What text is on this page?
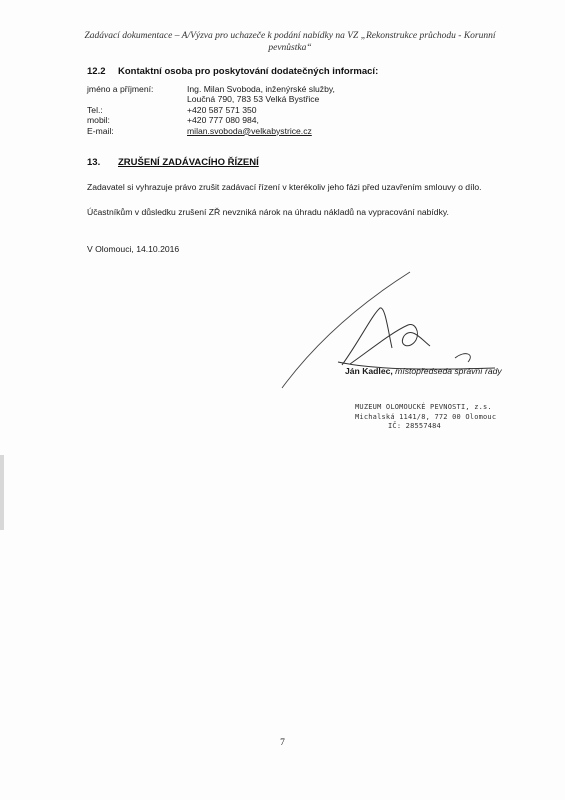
Zadávací dokumentace – A/Výzva pro uchazeče k podání nabídky na VZ „Rekonstrukce průchodu - Korunní
pevnůstka“
12.2 Kontaktní osoba pro poskytování dodatečných informací:
jméno a příjmení:	Ing. Milan Svoboda, inženýrské služby,
Loučná 790, 783 53 Velká Bystřice
Tel.:	+420 587 571 350
mobil:	+420 777 080 984,
E-mail:	milan.svoboda@velkabystrice.cz
13. ZRUŠENÍ ZADÁVACÍHO ŘÍZENÍ
Zadavatel si vyhrazuje právo zrušit zadávací řízení v kterékoliv jeho fázi před uzavřením smlouvy o dílo.
Účastníkům v důsledku zrušení ZŘ nevzniká nárok na úhradu nákladů na vypracování nabídky.
V Olomouci, 14.10.2016
Ján Kadlec, místopředseda správní rady
MUZEUM OLOMOUCKÉ PEVNOSTI, z.s.
Michalská 1141/8, 772 00 Olomouc
IČ: 28557484
7
